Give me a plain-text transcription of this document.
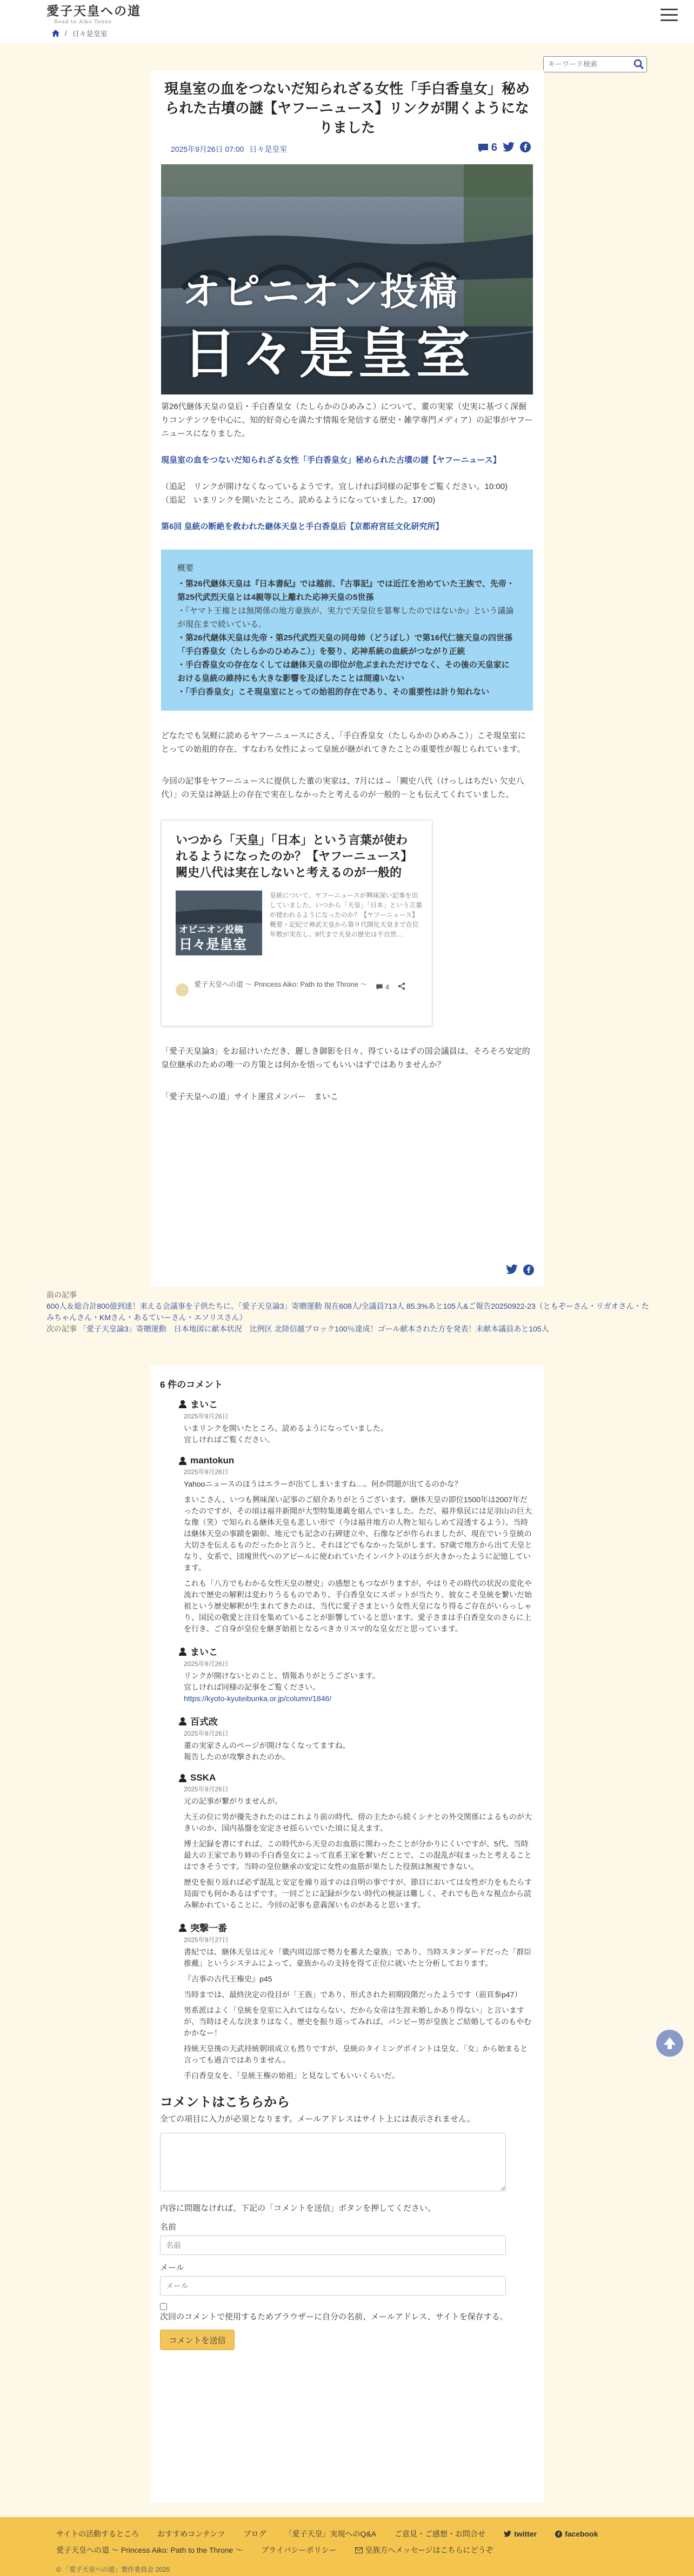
愛子天皇への道
Road to Aiko Tenno
/ 日々是皇室
キーワード検索
現皇室の血をつないだ知られざる女性「手白香皇女」秘められた古墳の謎【ヤフーニュース】リンクが開くようになりました
2025年9月26日 07:00 日々是皇室	6
オピニオン投稿
日々是皇室

第26代継体天皇の皇后・手白香皇女（たしらかのひめみこ）について、董の実家（史実に基づく深掘りコンテンツを中心に、知的好奇心を満たす情報を発信する歴史・雑学専門メディア）の記事がヤフーニュースになりました。

現皇室の血をつないだ知られざる女性「手白香皇女」秘められた古墳の謎【ヤフーニュース】

（追記　リンクが開けなくなっているようです。宜しければ同様の記事をご覧ください。10:00)

（追記　いまリンクを開いたところ、読めるようになっていました。17:00)

第6回 皇統の断絶を救われた継体天皇と手白香皇后【京都府宮廷文化研究所】

概要
・第26代継体天皇は『日本書紀』では越前、『古事記』では近江を治めていた王族で、先帝・第25代武烈天皇とは4親等以上離れた応神天皇の5世孫
・『ヤマト王権とは無関係の地方豪族が、実力で天皇位を簒奪したのではないか』という議論が現在まで続いている。
・第26代継体天皇は先帝・第25代武烈天皇の同母姉（どうぼし）で第16代仁徳天皇の四世孫「手白香皇女（たしらかのひめみこ）」を娶り、応神系統の血統がつながり正統
・手白香皇女の存在なくしては継体天皇の即位が危ぶまれただけでなく、その後の天皇家における皇統の維持にも大きな影響を及ぼしたことは間違いない
・「手白香皇女」こそ現皇室にとっての始祖的存在であり、その重要性は計り知れない

どなたでも気軽に読めるヤフーニュースにさえ、「手白香皇女（たしらかのひめみこ）」こそ現皇室にとっての始祖的存在、すなわち女性によって皇統が継がれてきたことの重要性が報じられています。

今回の記事をヤフーニュースに提供した董の実家は、7月には→「闕史八代（けっしはちだい 欠史八代）」の天皇は神話上の存在で実在しなかったと考えるのが一般的－とも伝えてくれていました。

いつから「天皇」「日本」という言葉が使われるようになったのか？【ヤフーニュース】闕史八代は実在しないと考えるのが一般的
オピニオン投稿
日々是皇室
皇統について、ヤフーニュースが興味深い記事を出していました。いつから「天皇」「日本」という言葉が使われるようになったのか？【ヤフーニュース】概要・記紀で神武天皇から第９代開化天皇まで在位年数が実在し、9代まで天皇の歴史は不自然…
愛子天皇への道 〜 Princess Aiko: Path to the Throne 〜	4

「愛子天皇論3」をお届けいただき、麗しき御影を日々、得ているはずの国会議員は、そろそろ安定的皇位継承のための唯一の方策とは何かを悟ってもいいはずではありませんか？

「愛子天皇への道」サイト運営メンバー　まいこ

前の記事
600人＆総合計800億到達！来える会議事を子供たちに、「愛子天皇論3」寄贈運動 現在608人/全議員713人 85.3%あと105人&ご報告20250922-23（ともぞーさん・リガオさん・たみちゃんさん・KMさん・あるていーさん・エソリスさん）
次の記事 「愛子天皇論3」寄贈運動　日本地図に献本状況　比例区 北陸信越ブロック100％達成！ゴール献本された方を発表！未献本議員あと105人
6 件のコメント
まいこ
2025年9月26日
いまリンクを開いたところ、読めるようになっていました。
宜しければご覧ください。
mantokun
2025年9月26日

Yahooニュースのほうはエラーが出てしまいますね…。何か問題が出てるのかな？

まいこさん、いつも興味深い記事のご紹介ありがとうございます。継体天皇の即位1500年は2007年だったのですが、その頃は福井新聞が大型特集連載を組んでいました。ただ、福井県民には足羽山の巨大な像（笑）で知られる継体天皇も悲しい形で（今は福井地方の人物と知らしめて浸透するよう）、当時は継体天皇の事蹟を顕彰、地元でも記念の石碑建立や、石像などが作られましたが、現在でいう皇統の大切さを伝えるものだったかと言うと、それほどでもなかった気がします。57歳で地方から出て天皇となり、女系で、団塊世代へのアピールに使われていたインパクトのほうが大きかったように記憶しています。

これも「八方でもわかる女性天皇の歴史」の感想ともつながりますが、やはりその時代の状況の変化や流れで歴史の解釈は変わりうるものであり、手白香皇女にスポットが当たり、彼女こそ皇統を繋いだ始祖という歴史解釈が生まれてきたのは、当代に愛子さまという女性天皇になり得るご存在がいらっしゃり、国民の敬愛と注目を集めていることが影響していると思います。愛子さまは手白香皇女のさらに上を行き、ご自身が皇位を継ぎ始祖となるべきカリスマ的な皇女だと思っています。

まいこ
2025年9月26日
リンクが開けないとのこと、情報ありがとうございます。
宜しければ同様の記事をご覧ください。
https://kyoto-kyuteibunka.or.jp/column/1846/
百式改
2025年9月26日
董の実家さんのページが開けなくなってますね。
報告したのが攻撃されたのか。
SSKA
2025年9月26日

元の記事が繋がりませんが。

大王の位に男が優先されたのはこれより前の時代、傍の主たから続くシナとの外交関係によるものが大きいのか、国内基盤を安定させ揺らいでいた頃に見えます。

博士記録を書にすれば、この時代から天皇のお血筋に関わったことが分かりにくいですが、5代、当時最大の王家であり姉の手白香皇女によって直系王家を繋いだことで、この混乱が収まったと考えることはできそうです。当時の皇位継承の安定に女性の血筋が果たした役割は無視できない。

歴史を振り返れば必ず混乱と安定を繰り返すのは自明の事ですが、節目においては女性が力をもたらす局面でも何かあるはずです。一回ごとに記録が少ない時代の検証は難しく、それでも色々な視点から読み解かれていることに、今回の記事も意義深いものがあると思います。

突撃一番
2025年9月27日

書紀では、継体天皇は元々「畿内周辺部で勢力を蓄えた豪族」であり、当時スタンダードだった「群臣推戴」というシステムによって、豪族からの支持を得て正位に就いたと分析しております。

『古事の古代王権史』p45

当時までは、最終決定の役目が「王族」であり、形式された初期段階だったようです（前頁参p47）

男系派はよく「皇統を皇室に入れてはならない、だから女帝は生涯未婚しかあり得ない」と言いますが、当時はそんな決まりはなく、歴史を振り返ってみれば、パンピー男が皇族とご結婚してるのもやむかかなー！

持統天皇後の天武持統朝頃成立も然りですが、皇統のタイミングポイントは皇女、「女」から始まると言っても過言ではありません。

手白香皇女を、「皇統王権の始祖」と見なしてもいいくらいだ。

コメントはこちらから
全ての項目に入力が必須となります。メールアドレスはサイト上には表示されません。
内容に問題なければ、下記の「コメントを送信」ボタンを押してください。
名前
名前
メール
メール
次回のコメントで使用するためブラウザーに自分の名前、メールアドレス、サイトを保存する。
コメントを送信
サイトの活動するところ おすすめコンテンツ ブログ 「愛子天皇」実現へのQ&A ご意見・ご感想・お問合せ	twitter	facebook
愛子天皇への道 〜 Princess Aiko: Path to the Throne 〜 プライバシーポリシー	皇族方へメッセージはこちらにどうぞ
© 「愛子天皇への道」製作委員会 2025
